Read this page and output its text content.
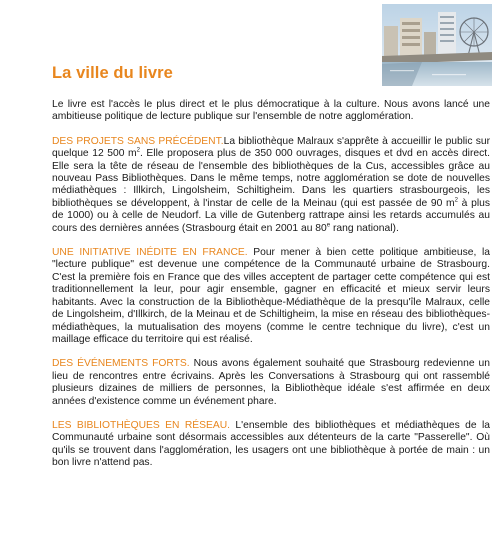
La ville du livre

Le livre est l'accès le plus direct et le plus démocratique à la culture. Nous avons lancé une ambitieuse politique de lecture publique sur l'ensemble de notre agglomération.

DES PROJETS SANS PRÉCÉDENT.La bibliothèque Malraux s'apprête à accueillir le public sur quelque 12 500 $m^2$. Elle proposera plus de 350 000 ouvrages, disques et dvd en accès direct. Elle sera la tête de réseau de l'ensemble des bibliothèques de la Cus, accessibles grâce au nouveau Pass Bibliothèques. Dans le même temps, notre agglomération se dote de nouvelles médiathèques : Illkirch, Lingolsheim, Schiltigheim. Dans les quartiers strasbourgeois, les bibliothèques se développent, à l'instar de celle de la Meinau (qui est passée de 90 $m^2$ à plus de 1000) ou à celle de Neudorf. La ville de Gutenberg rattrape ainsi les retards accumulés au cours des dernières années (Strasbourg était en 2001 au 80e rang national).

UNE INITIATIVE INÉDITE EN FRANCE. Pour mener à bien cette politique ambitieuse, la "lecture publique" est devenue une compétence de la Communauté urbaine de Strasbourg. C'est la première fois en France que des villes acceptent de partager cette compétence qui est traditionnellement la leur, pour agir ensemble, gagner en efficacité et mieux servir leurs habitants. Avec la construction de la Bibliothèque-Médiathèque de la presqu'île Malraux, celle de Lingolsheim, d'Illkirch, de la Meinau et de Schiltigheim, la mise en réseau des bibliothèques-médiathèques, la mutualisation des moyens (comme le centre technique du livre), c'est un maillage efficace du territoire qui est réalisé.

DES ÉVÉNEMENTS FORTS. Nous avons également souhaité que Strasbourg redevienne un lieu de rencontres entre écrivains. Après les Conversations à Strasbourg qui ont rassemblé plusieurs dizaines de milliers de personnes, la Bibliothèque idéale s'est affirmée en deux années d'existence comme un événement phare.

LES BIBLIOTHÈQUES EN RÉSEAU. L'ensemble des bibliothèques et médiathèques de la Communauté urbaine sont désormais accessibles aux détenteurs de la carte "Passerelle". Où qu'ils se trouvent dans l'agglomération, les usagers ont une bibliothèque à portée de main : un bon livre n'attend pas.
